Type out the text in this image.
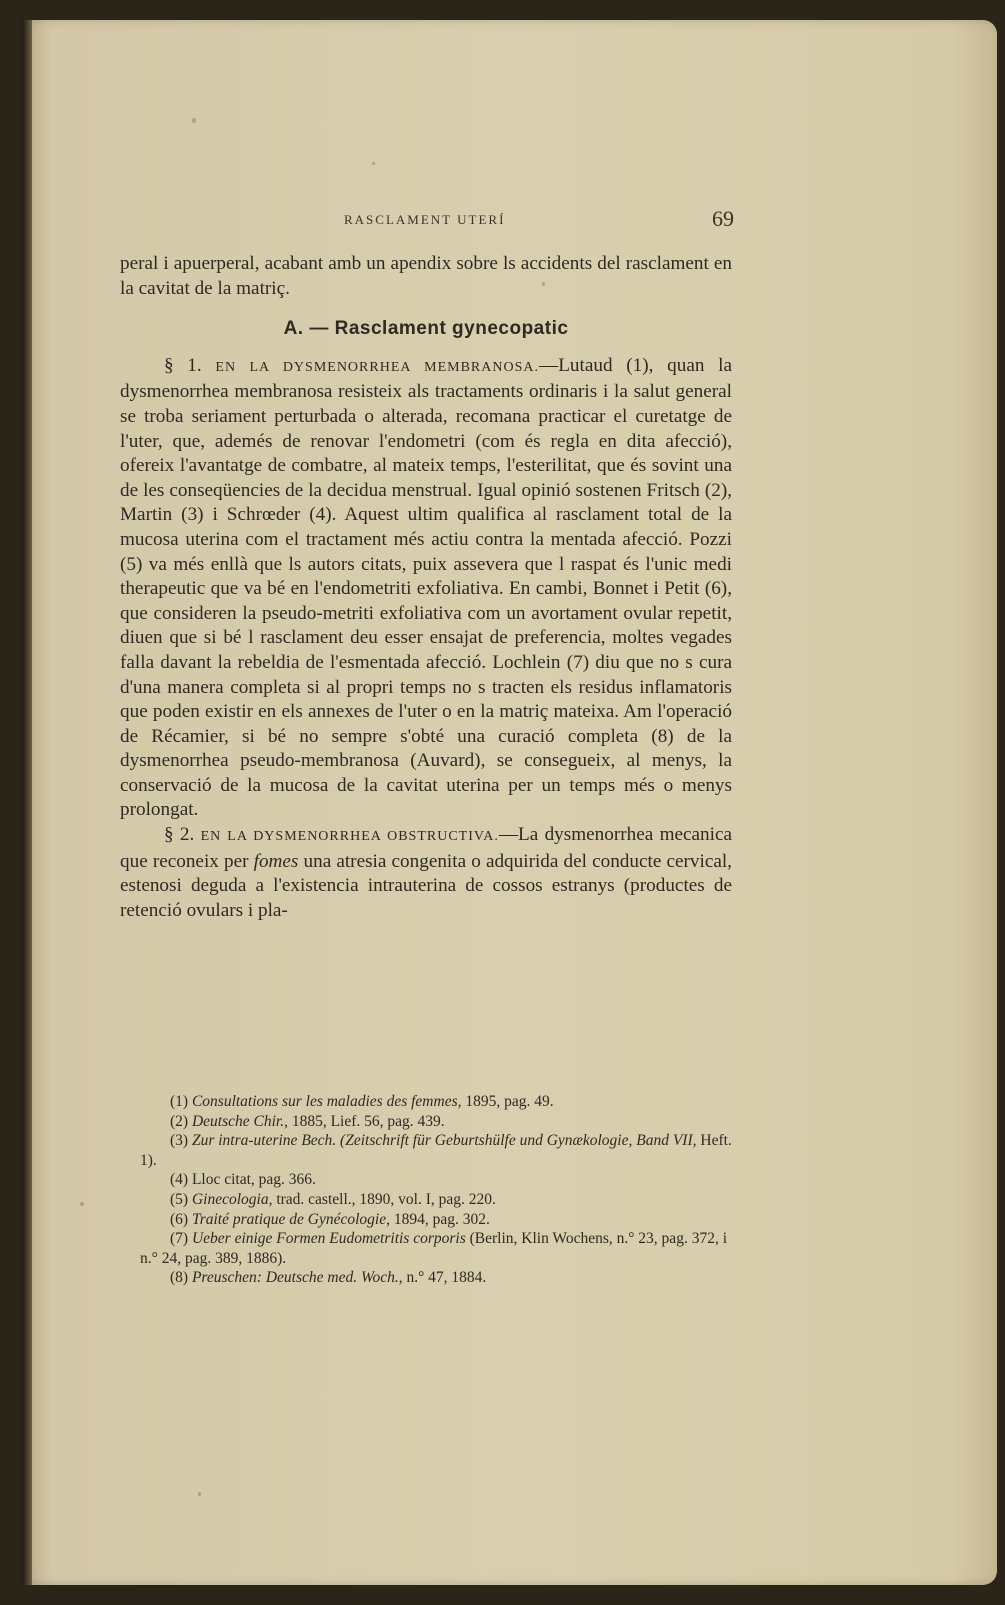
RASCLAMENT UTERÍ	69

peral i apuerperal, acabant amb un apendix sobre ls accidents del rasclament en la cavitat de la matriç.

A. — Rasclament gynecopatic

§ 1. EN LA DYSMENORRHEA MEMBRANOSA.—Lutaud (1), quan la dysmenorrhea membranosa resisteix als tractaments ordinaris i la salut general se troba seriament perturbada o alterada, recomana practicar el curetatge de l'uter, que, ademés de renovar l'endometri (com és regla en dita afecció), ofereix l'avantatge de combatre, al mateix temps, l'esterilitat, que és sovint una de les conseqüencies de la decidua menstrual. Igual opinió sostenen Fritsch (2), Martin (3) i Schrœder (4). Aquest ultim qualifica al rasclament total de la mucosa uterina com el tractament més actiu contra la mentada afecció. Pozzi (5) va més enllà que ls autors citats, puix assevera que l raspat és l'unic medi therapeutic que va bé en l'endometriti exfoliativa. En cambi, Bonnet i Petit (6), que consideren la pseudo-metriti exfoliativa com un avortament ovular repetit, diuen que si bé l rasclament deu esser ensajat de preferencia, moltes vegades falla davant la rebeldia de l'esmentada afecció. Lochlein (7) diu que no s cura d'una manera completa si al propri temps no s tracten els residus inflamatoris que poden existir en els annexes de l'uter o en la matriç mateixa. Am l'operació de Récamier, si bé no sempre s'obté una curació completa (8) de la dysmenorrhea pseudo-membranosa (Auvard), se consegueix, al menys, la conservació de la mucosa de la cavitat uterina per un temps més o menys prolongat.

§ 2. EN LA DYSMENORRHEA OBSTRUCTIVA.—La dysmenorrhea mecanica que reconeix per fomes una atresia congenita o adquirida del conducte cervical, estenosi deguda a l'existencia intrauterina de cossos estranys (productes de retenció ovulars i pla-

(1) Consultations sur les maladies des femmes, 1895, pag. 49.

(2) Deutsche Chir., 1885, Lief. 56, pag. 439.

(3) Zur intra-uterine Bech. (Zeitschrift für Geburtshülfe und Gynækologie, Band VII, Heft. 1).

(4) Lloc citat, pag. 366.

(5) Ginecologia, trad. castell., 1890, vol. I, pag. 220.

(6) Traité pratique de Gynécologie, 1894, pag. 302.

(7) Ueber einige Formen Eudometritis corporis (Berlin, Klin Wochens, n.° 23, pag. 372, i n.° 24, pag. 389, 1886).

(8) Preuschen: Deutsche med. Woch., n.° 47, 1884.
